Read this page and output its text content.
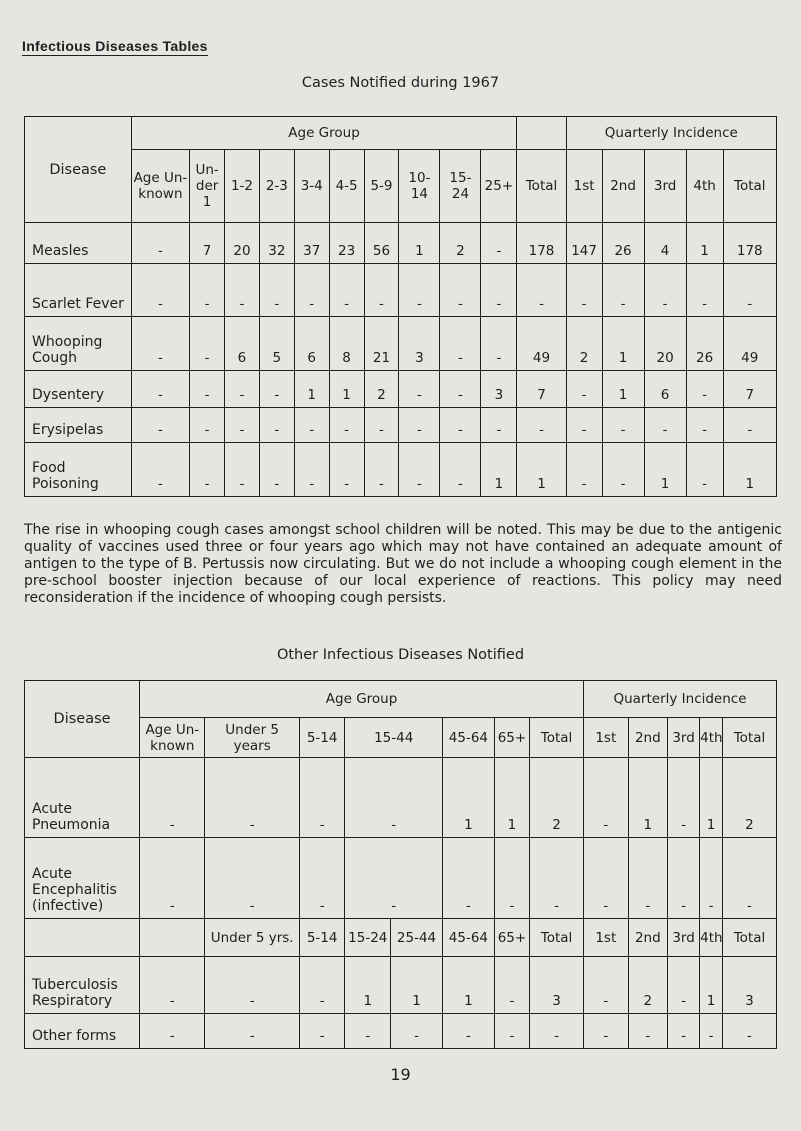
Infectious Diseases Tables
Cases Notified during 1967
Disease	Age Group											Quarterly Incidence				
	Age Un- known	Un- der 1	1-2	2-3	3-4	4-5	5-9	10- 14	15- 24	25+	Total	1st	2nd	3rd	4th	Total
Measles	-	7	20	32	37	23	56	1	2	-	178	147	26	4	1	178
Scarlet Fever	-	-	-	-	-	-	-	-	-	-	-	-	-	-	-	-
Whooping Cough	-	-	6	5	6	8	21	3	-	-	49	2	1	20	26	49
Dysentery	-	-	-	-	1	1	2	-	-	3	7	-	1	6	-	7
Erysipelas	-	-	-	-	-	-	-	-	-	-	-	-	-	-	-	-
Food Poisoning	-	-	-	-	-	-	-	-	-	1	1	-	-	1	-	1

The rise in whooping cough cases amongst school children will be noted. This may be due to the antigenic quality of vaccines used three or four years ago which may not have contained an adequate amount of antigen to the type of B. Pertussis now circulating. But we do not include a whooping cough element in the pre-school booster injection because of our local experience of reactions. This policy may need reconsideration if the incidence of whooping cough persists.

Other Infectious Diseases Notified
Disease	Age Group								Quarterly Incidence				
	Age Un- known	Under 5 years	5-14	15-44		45-64	65+	Total	1st	2nd	3rd	4th	Total
Acute Pneumonia	-	-	-	-		1	1	2	-	1	-	1	2
Acute Encephalitis (infective)	-	-	-	-		-	-	-	-	-	-	-	-
		Under 5 yrs.	5-14	15-24	25-44	45-64	65+	Total	1st	2nd	3rd	4th	Total
Tuberculosis Respiratory	-	-	-	1	1	1	-	3	-	2	-	1	3
Other forms	-	-	-	-	-	-	-	-	-	-	-	-	-
19
